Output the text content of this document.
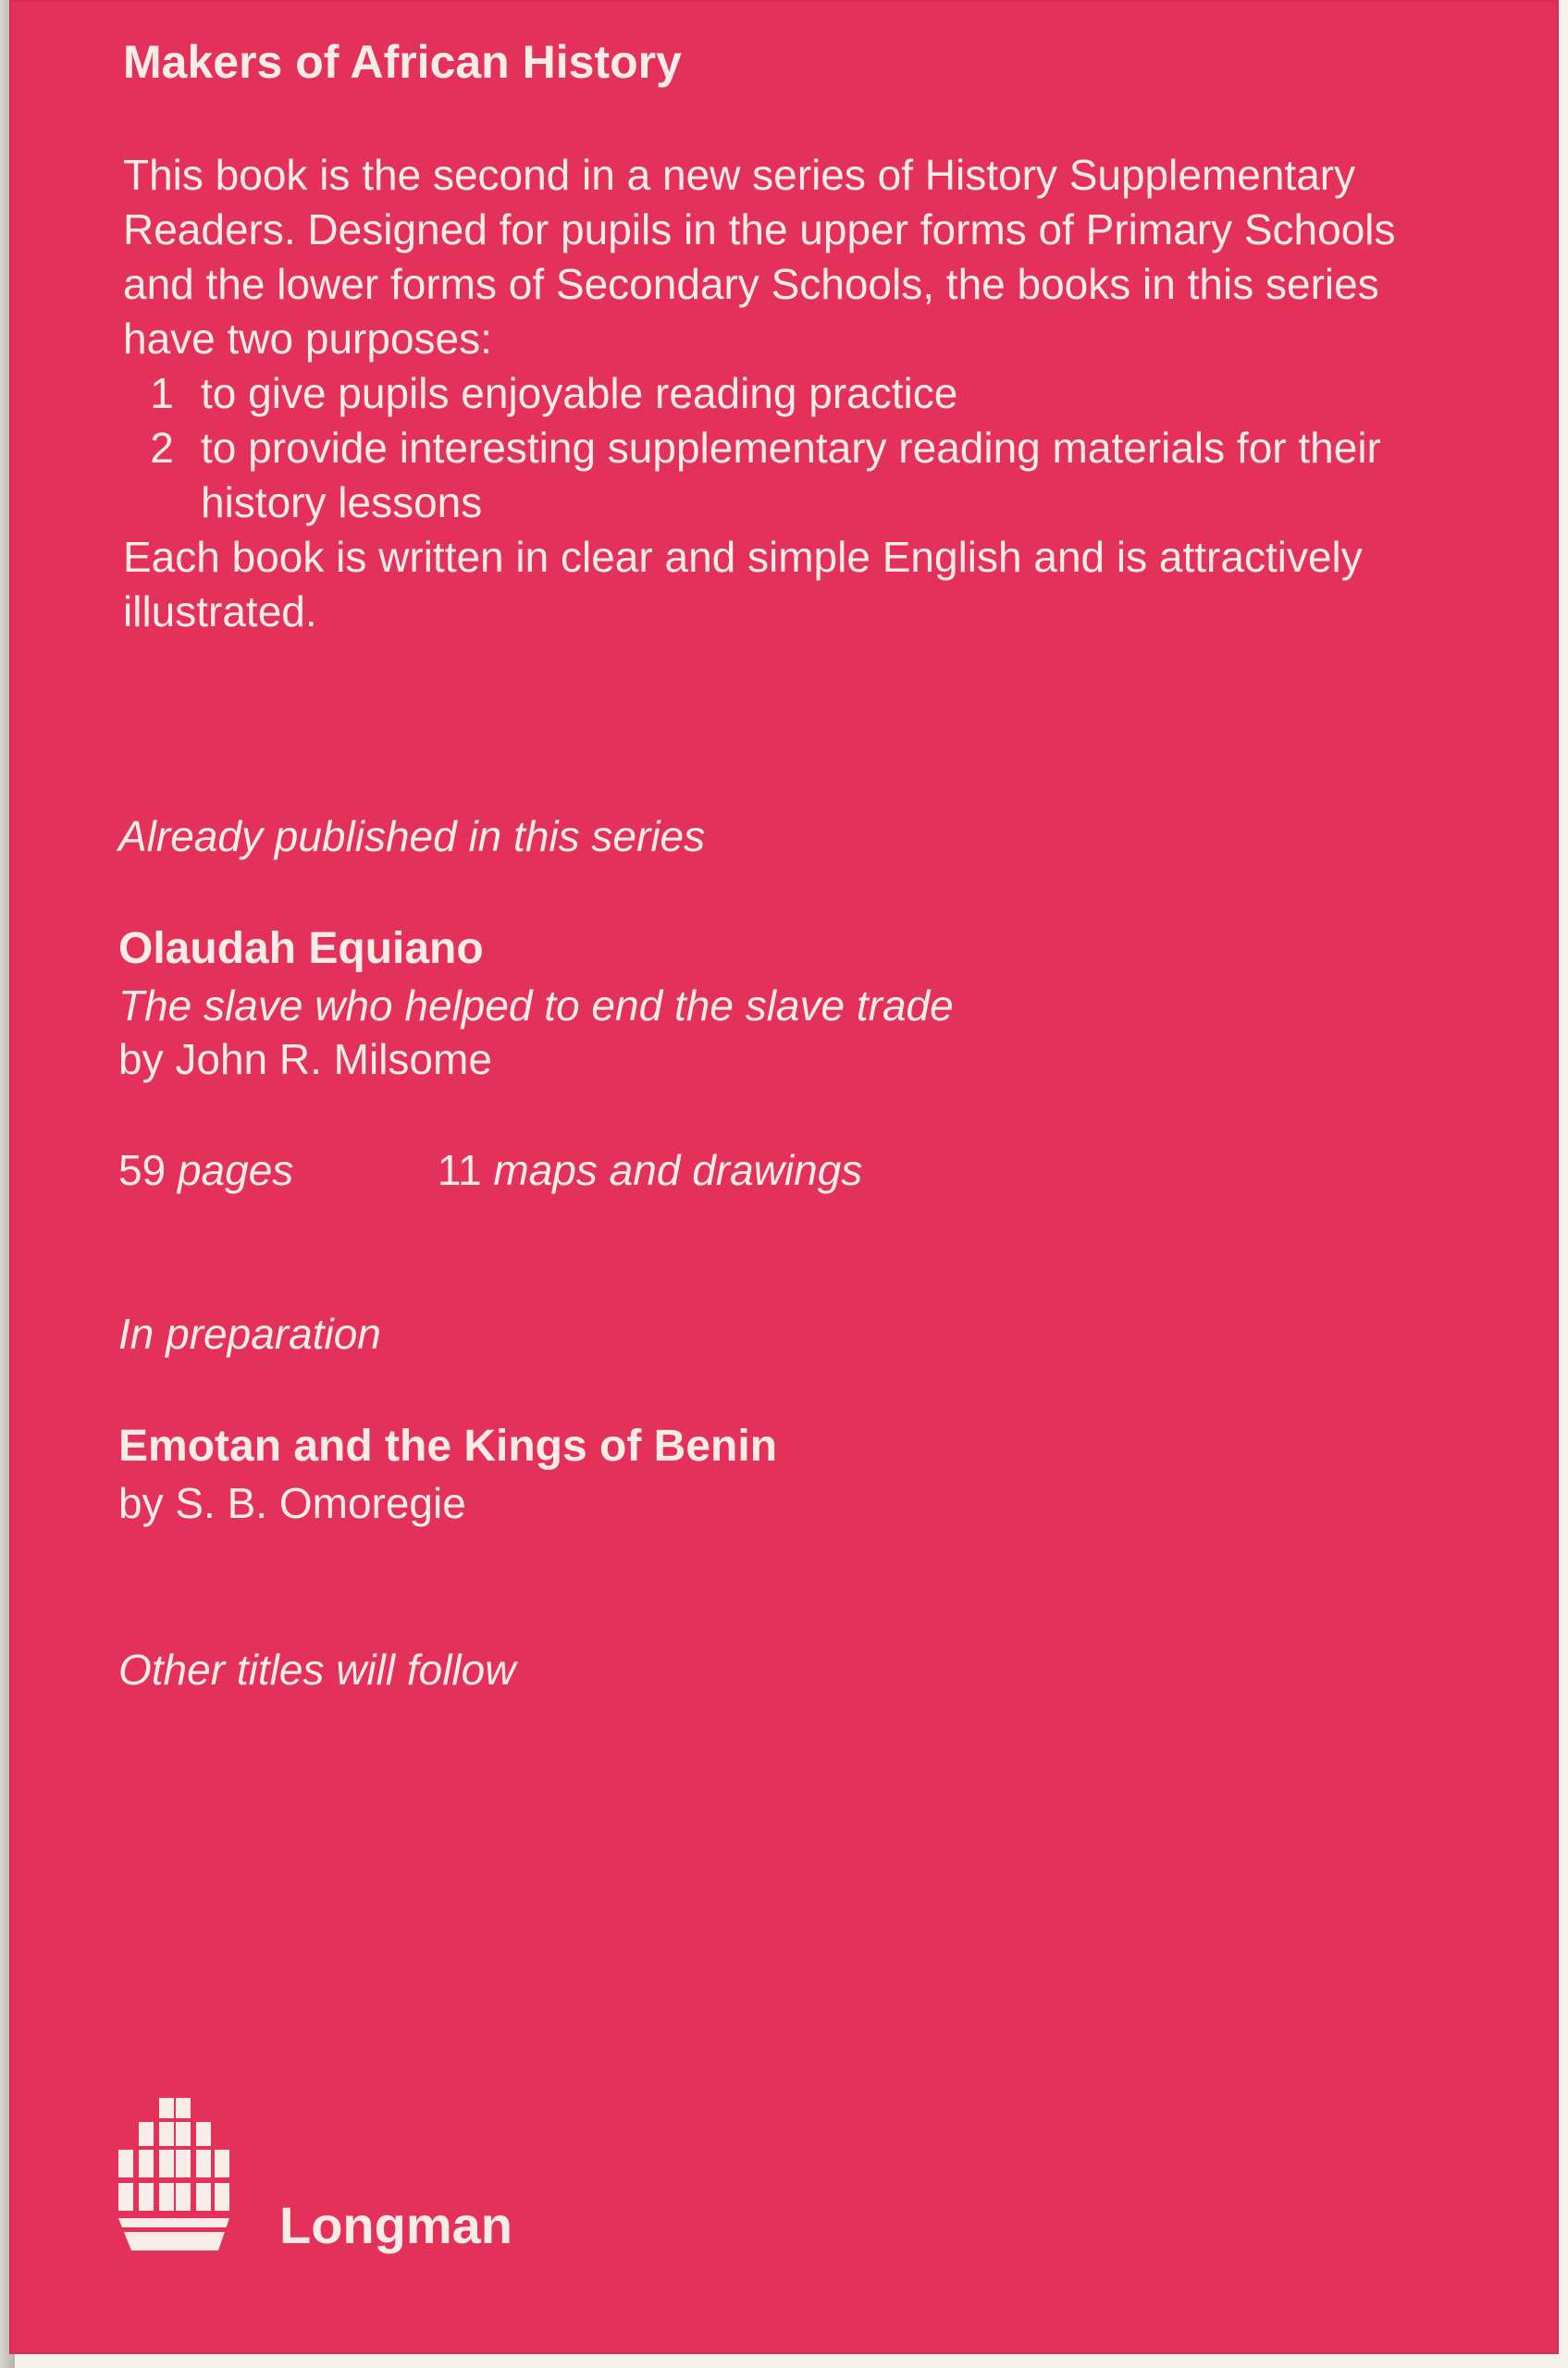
Makers of African History

This book is the second in a new series of History Supplementary Readers. Designed for pupils in the upper forms of Primary Schools and the lower forms of Secondary Schools, the books in this series have two purposes:

1 to give pupils enjoyable reading practice
2 to provide interesting supplementary reading materials for their history lessons

Each book is written in clear and simple English and is attractively illustrated.

Already published in this series
Olaudah Equiano
The slave who helped to end the slave trade
by John R. Milsome
59 pages	11 maps and drawings
In preparation
Emotan and the Kings of Benin
by S. B. Omoregie
Other titles will follow
Longman
